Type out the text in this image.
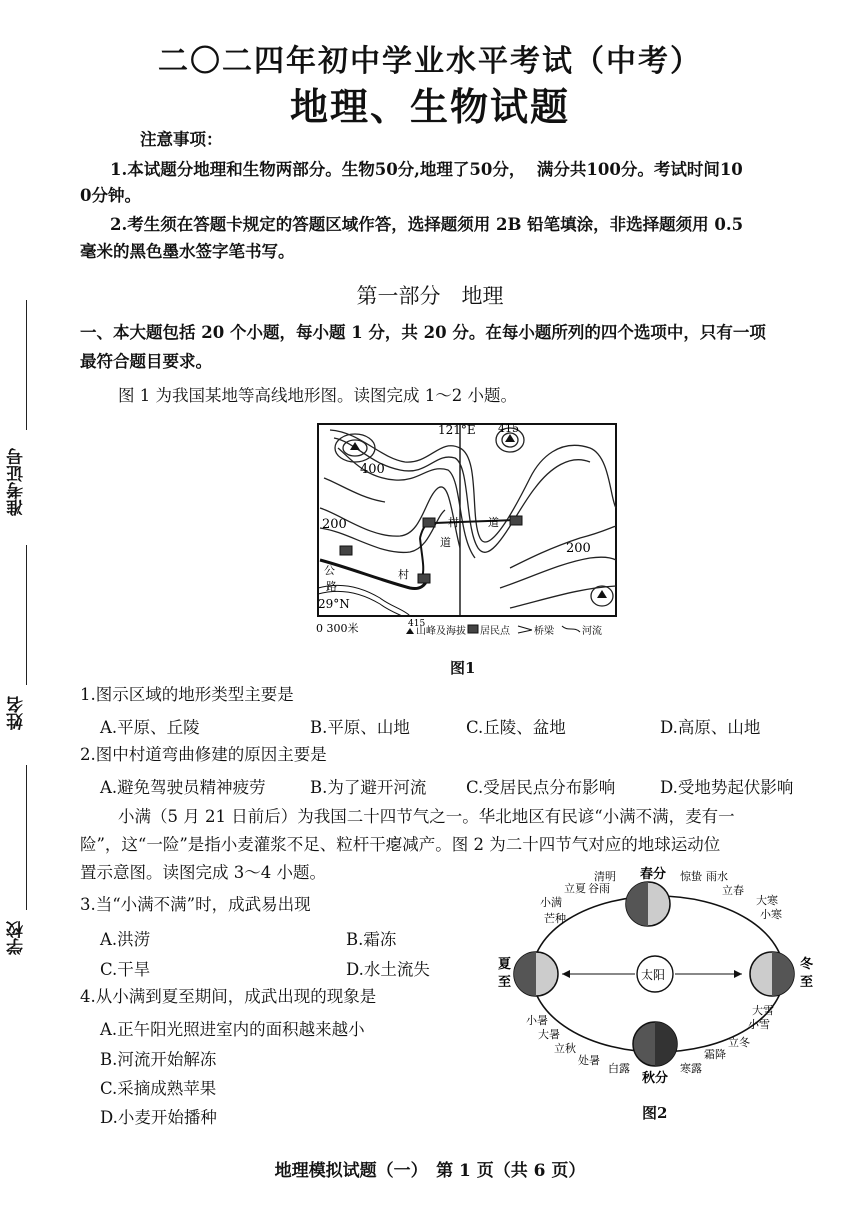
二〇二四年初中学业水平考试（中考）
地理、生物试题
注意事项：
1.本试题分地理和生物两部分。生物50分,地理了50分，  满分共100分。考试时间10
0分钟。
2.考生须在答题卡规定的答题区域作答，选择题须用 2B 铅笔填涂，非选择题须用 0.5
毫米的黑色墨水签字笔书写。
准考证号
姓名
学校
第一部分　地理
一、本大题包括 20 个小题，每小题 1 分，共 20 分。在每小题所列的四个选项中，只有一项
最符合题目要求。
图 1 为我国某地等高线地形图。读图完成 1～2 小题。
121°E 415
400
200
200
村	道
道
村
公
路
29°N
0 300米	415
山峰及海拔 居民点 桥梁	河流
图1
1.图示区域的地形类型主要是
A.平原、丘陵	B.平原、山地	C.丘陵、盆地	D.高原、山地
2.图中村道弯曲修建的原因主要是
A.避免驾驶员精神疲劳	B.为了避开河流 C.受居民点分布影响	D.受地势起伏影响
小满（5 月 21 日前后）为我国二十四节气之一。华北地区有民谚“小满不满，麦有一
险”，这“一险”是指小麦灌浆不足、粒杆干瘪减产。图 2 为二十四节气对应的地球运动位
置示意图。读图完成 3～4 小题。
3.当“小满不满”时，成武易出现
A.洪涝	B.霜冻
C.干旱	D.水土流失
4.从小满到夏至期间，成武出现的现象是
A.正午阳光照进室内的面积越来越小
B.河流开始解冻
C.采摘成熟苹果
D.小麦开始播种
太阳
春分
夏
至
冬
至
秋分
清明
谷雨
立夏
小满
芒种
惊蛰 雨水
立春
大寒
小寒
小暑
大暑
立秋
处暑
白露	寒露
霜降
立冬
小雪
大雪
图2
地理模拟试题（一）　第 1 页（共 6 页）
